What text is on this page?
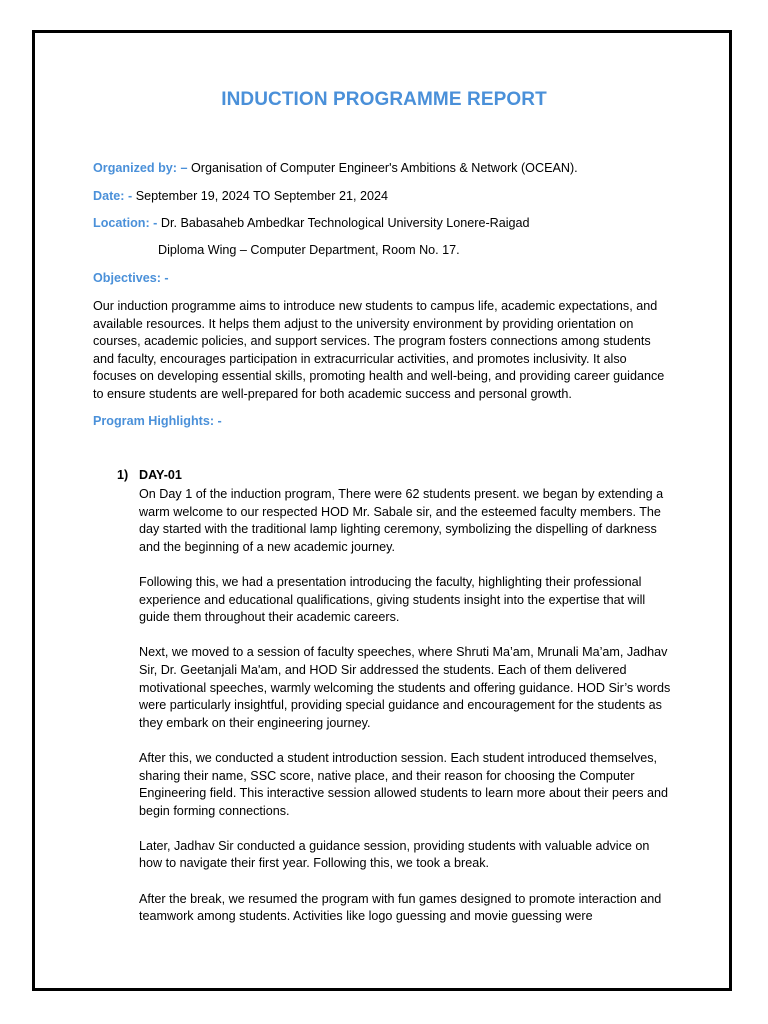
INDUCTION PROGRAMME REPORT
Organized by: – Organisation of Computer Engineer's Ambitions & Network (OCEAN).
Date: - September 19, 2024 TO September 21, 2024
Location: - Dr. Babasaheb Ambedkar Technological University Lonere-Raigad
Diploma Wing – Computer Department, Room No. 17.
Objectives: -
Our induction programme aims to introduce new students to campus life, academic expectations, and available resources. It helps them adjust to the university environment by providing orientation on courses, academic policies, and support services. The program fosters connections among students and faculty, encourages participation in extracurricular activities, and promotes inclusivity. It also focuses on developing essential skills, promoting health and well-being, and providing career guidance to ensure students are well-prepared for both academic success and personal growth.
Program Highlights: -
1) DAY-01

On Day 1 of the induction program, There were 62 students present. we began by extending a warm welcome to our respected HOD Mr. Sabale sir, and the esteemed faculty members. The day started with the traditional lamp lighting ceremony, symbolizing the dispelling of darkness and the beginning of a new academic journey.

Following this, we had a presentation introducing the faculty, highlighting their professional experience and educational qualifications, giving students insight into the expertise that will guide them throughout their academic careers.

Next, we moved to a session of faculty speeches, where Shruti Ma’am, Mrunali Ma’am, Jadhav Sir, Dr. Geetanjali Ma'am, and HOD Sir addressed the students. Each of them delivered motivational speeches, warmly welcoming the students and offering guidance. HOD Sir’s words were particularly insightful, providing special guidance and encouragement for the students as they embark on their engineering journey.

After this, we conducted a student introduction session. Each student introduced themselves, sharing their name, SSC score, native place, and their reason for choosing the Computer Engineering field. This interactive session allowed students to learn more about their peers and begin forming connections.

Later, Jadhav Sir conducted a guidance session, providing students with valuable advice on how to navigate their first year. Following this, we took a break.

After the break, we resumed the program with fun games designed to promote interaction and teamwork among students. Activities like logo guessing and movie guessing were
